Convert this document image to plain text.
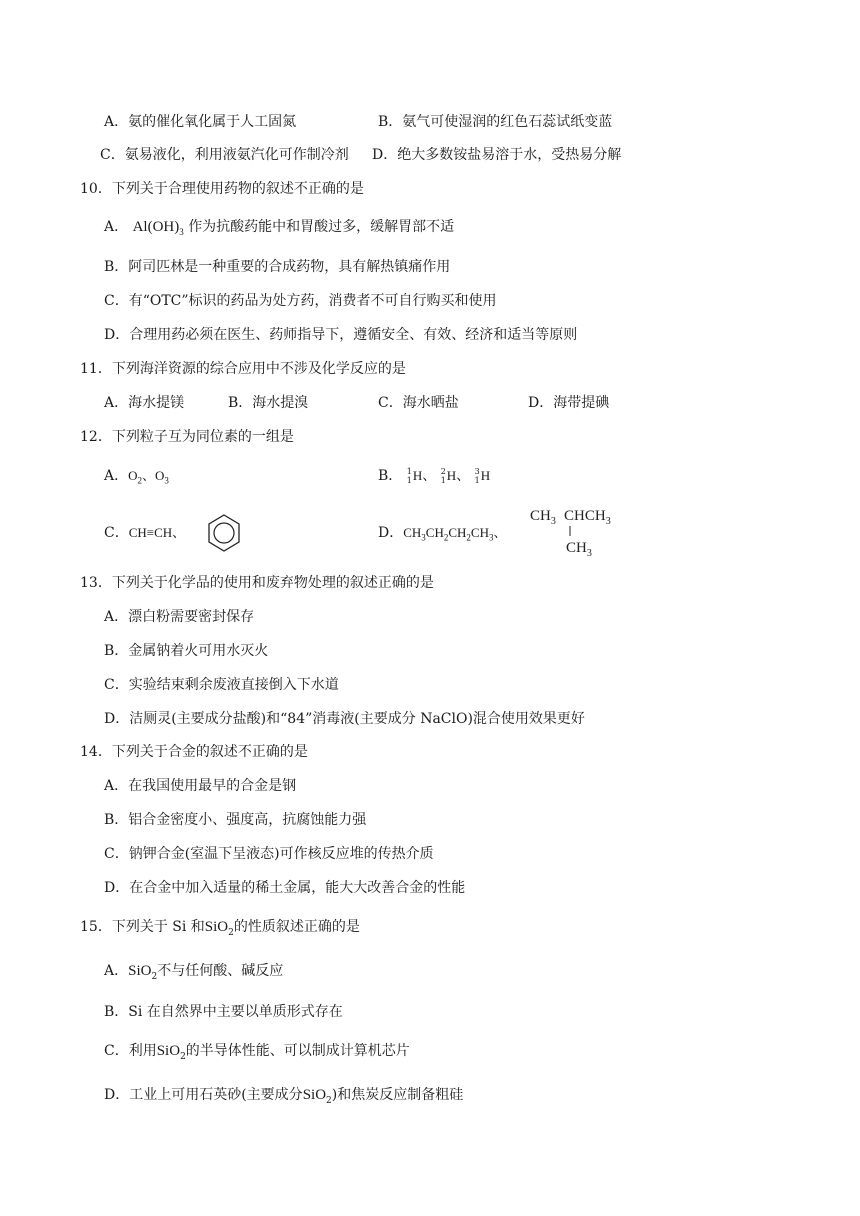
A．氨的催化氧化属于人工固氮	B．氨气可使湿润的红色石蕊试纸变蓝
C．氨易液化，利用液氨汽化可作制冷剂 D．绝大多数铵盐易溶于水，受热易分解
10．下列关于合理使用药物的叙述不正确的是
A． $Al(OH)_3$ 作为抗酸药能中和胃酸过多，缓解胃部不适
B．阿司匹林是一种重要的合成药物，具有解热镇痛作用
C．有“OTC”标识的药品为处方药，消费者不可自行购买和使用
D．合理用药必须在医生、药师指导下，遵循安全、有效、经济和适当等原则
11．下列海洋资源的综合应用中不涉及化学反应的是
A．海水提镁	B．海水提溴	C．海水晒盐	D．海带提碘
12．下列粒子互为同位素的一组是
A．$O_2$、$O_3$	B． 1
1 H、 2
1 H、 3
1 H
C．CH≡CH、	D．$CH_3CH_2CH_2CH_3$、
$CH_3$ $CHCH_3$
$CH_3$
13．下列关于化学品的使用和废弃物处理的叙述正确的是
A．漂白粉需要密封保存
B．金属钠着火可用水灭火
C．实验结束剩余废液直接倒入下水道
D．洁厕灵(主要成分盐酸)和“84”消毒液(主要成分 NaClO)混合使用效果更好
14．下列关于合金的叙述不正确的是
A．在我国使用最早的合金是钢
B．铝合金密度小、强度高，抗腐蚀能力强
C．钠钾合金(室温下呈液态)可作核反应堆的传热介质
D．在合金中加入适量的稀土金属，能大大改善合金的性能
15．下列关于 Si 和SiO$_2$的性质叙述正确的是
A．SiO$_2$不与任何酸、碱反应
B．Si 在自然界中主要以单质形式存在
C．利用SiO$_2$的半导体性能、可以制成计算机芯片
D．工业上可用石英砂(主要成分SiO$_2$)和焦炭反应制备粗硅
